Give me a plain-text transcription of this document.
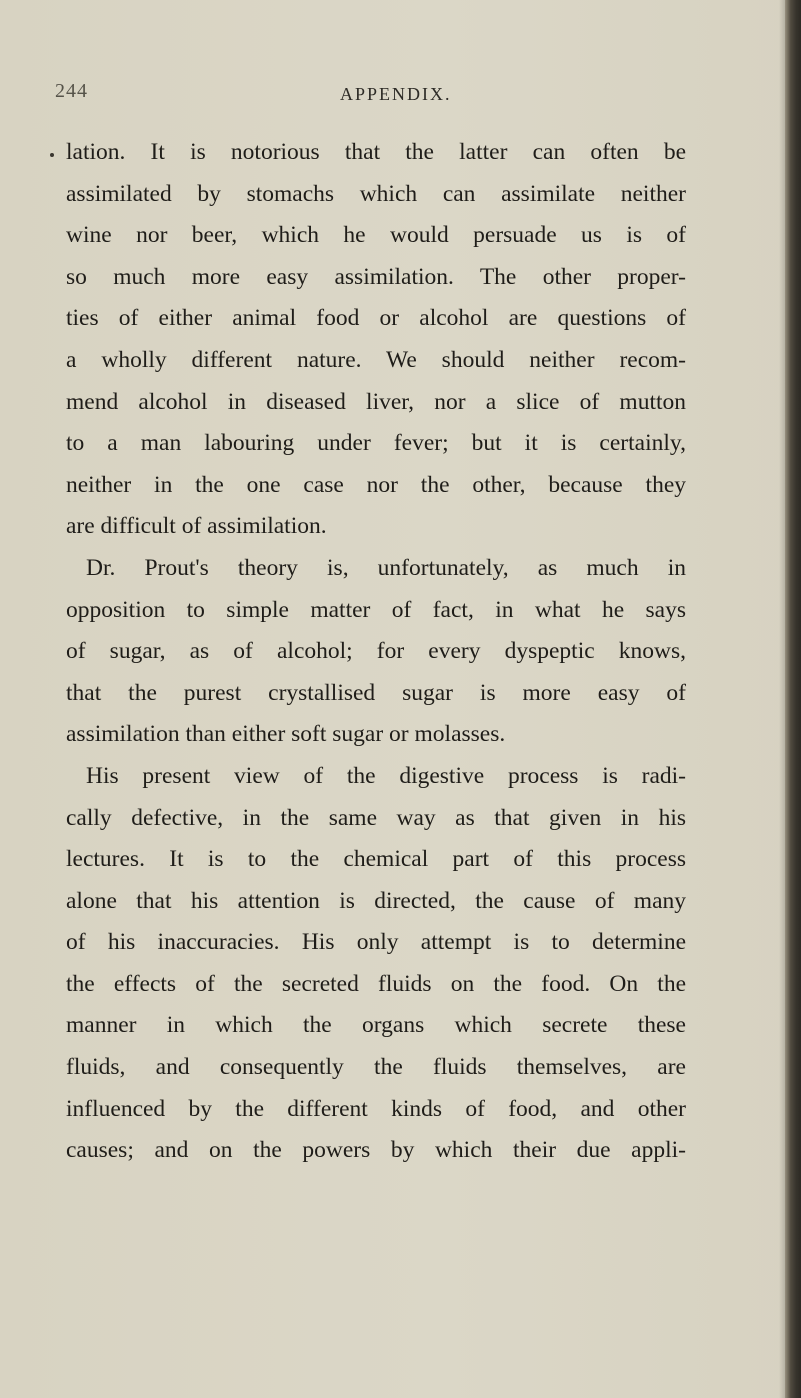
244	APPENDIX.
lation. It is notorious that the latter can often be
assimilated by stomachs which can assimilate neither
wine nor beer, which he would persuade us is of
so much more easy assimilation. The other proper-
ties of either animal food or alcohol are questions of
a wholly different nature. We should neither recom-
mend alcohol in diseased liver, nor a slice of mutton
to a man labouring under fever; but it is certainly,
neither in the one case nor the other, because they
are difficult of assimilation.
Dr. Prout's theory is, unfortunately, as much in
opposition to simple matter of fact, in what he says
of sugar, as of alcohol; for every dyspeptic knows,
that the purest crystallised sugar is more easy of
assimilation than either soft sugar or molasses.
His present view of the digestive process is radi-
cally defective, in the same way as that given in his
lectures. It is to the chemical part of this process
alone that his attention is directed, the cause of many
of his inaccuracies. His only attempt is to determine
the effects of the secreted fluids on the food. On the
manner in which the organs which secrete these
fluids, and consequently the fluids themselves, are
influenced by the different kinds of food, and other
causes; and on the powers by which their due appli-
